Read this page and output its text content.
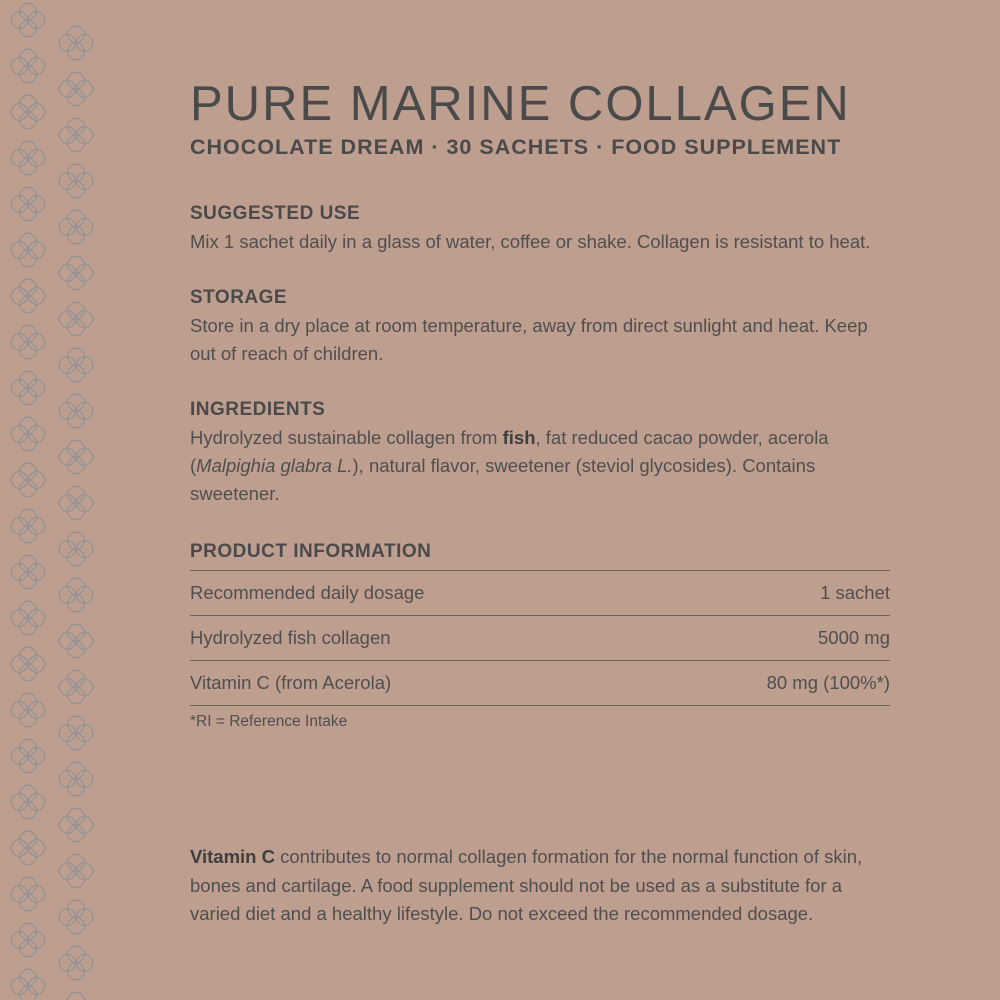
PURE MARINE COLLAGEN

CHOCOLATE DREAM · 30 SACHETS · FOOD SUPPLEMENT

SUGGESTED USE

Mix 1 sachet daily in a glass of water, coffee or shake. Collagen is resistant to heat.

STORAGE

Store in a dry place at room temperature, away from direct sunlight and heat. Keep out of reach of children.

INGREDIENTS

Hydrolyzed sustainable collagen from fish, fat reduced cacao powder, acerola (Malpighia glabra L.), natural flavor, sweetener (steviol glycosides). Contains sweetener.

PRODUCT INFORMATION
Recommended daily dosage	1 sachet
Hydrolyzed fish collagen	5000 mg
Vitamin C (from Acerola)	80 mg (100%*)

*RI = Reference Intake

Vitamin C contributes to normal collagen formation for the normal function of skin, bones and cartilage. A food supplement should not be used as a substitute for a varied diet and a healthy lifestyle. Do not exceed the recommended dosage.
